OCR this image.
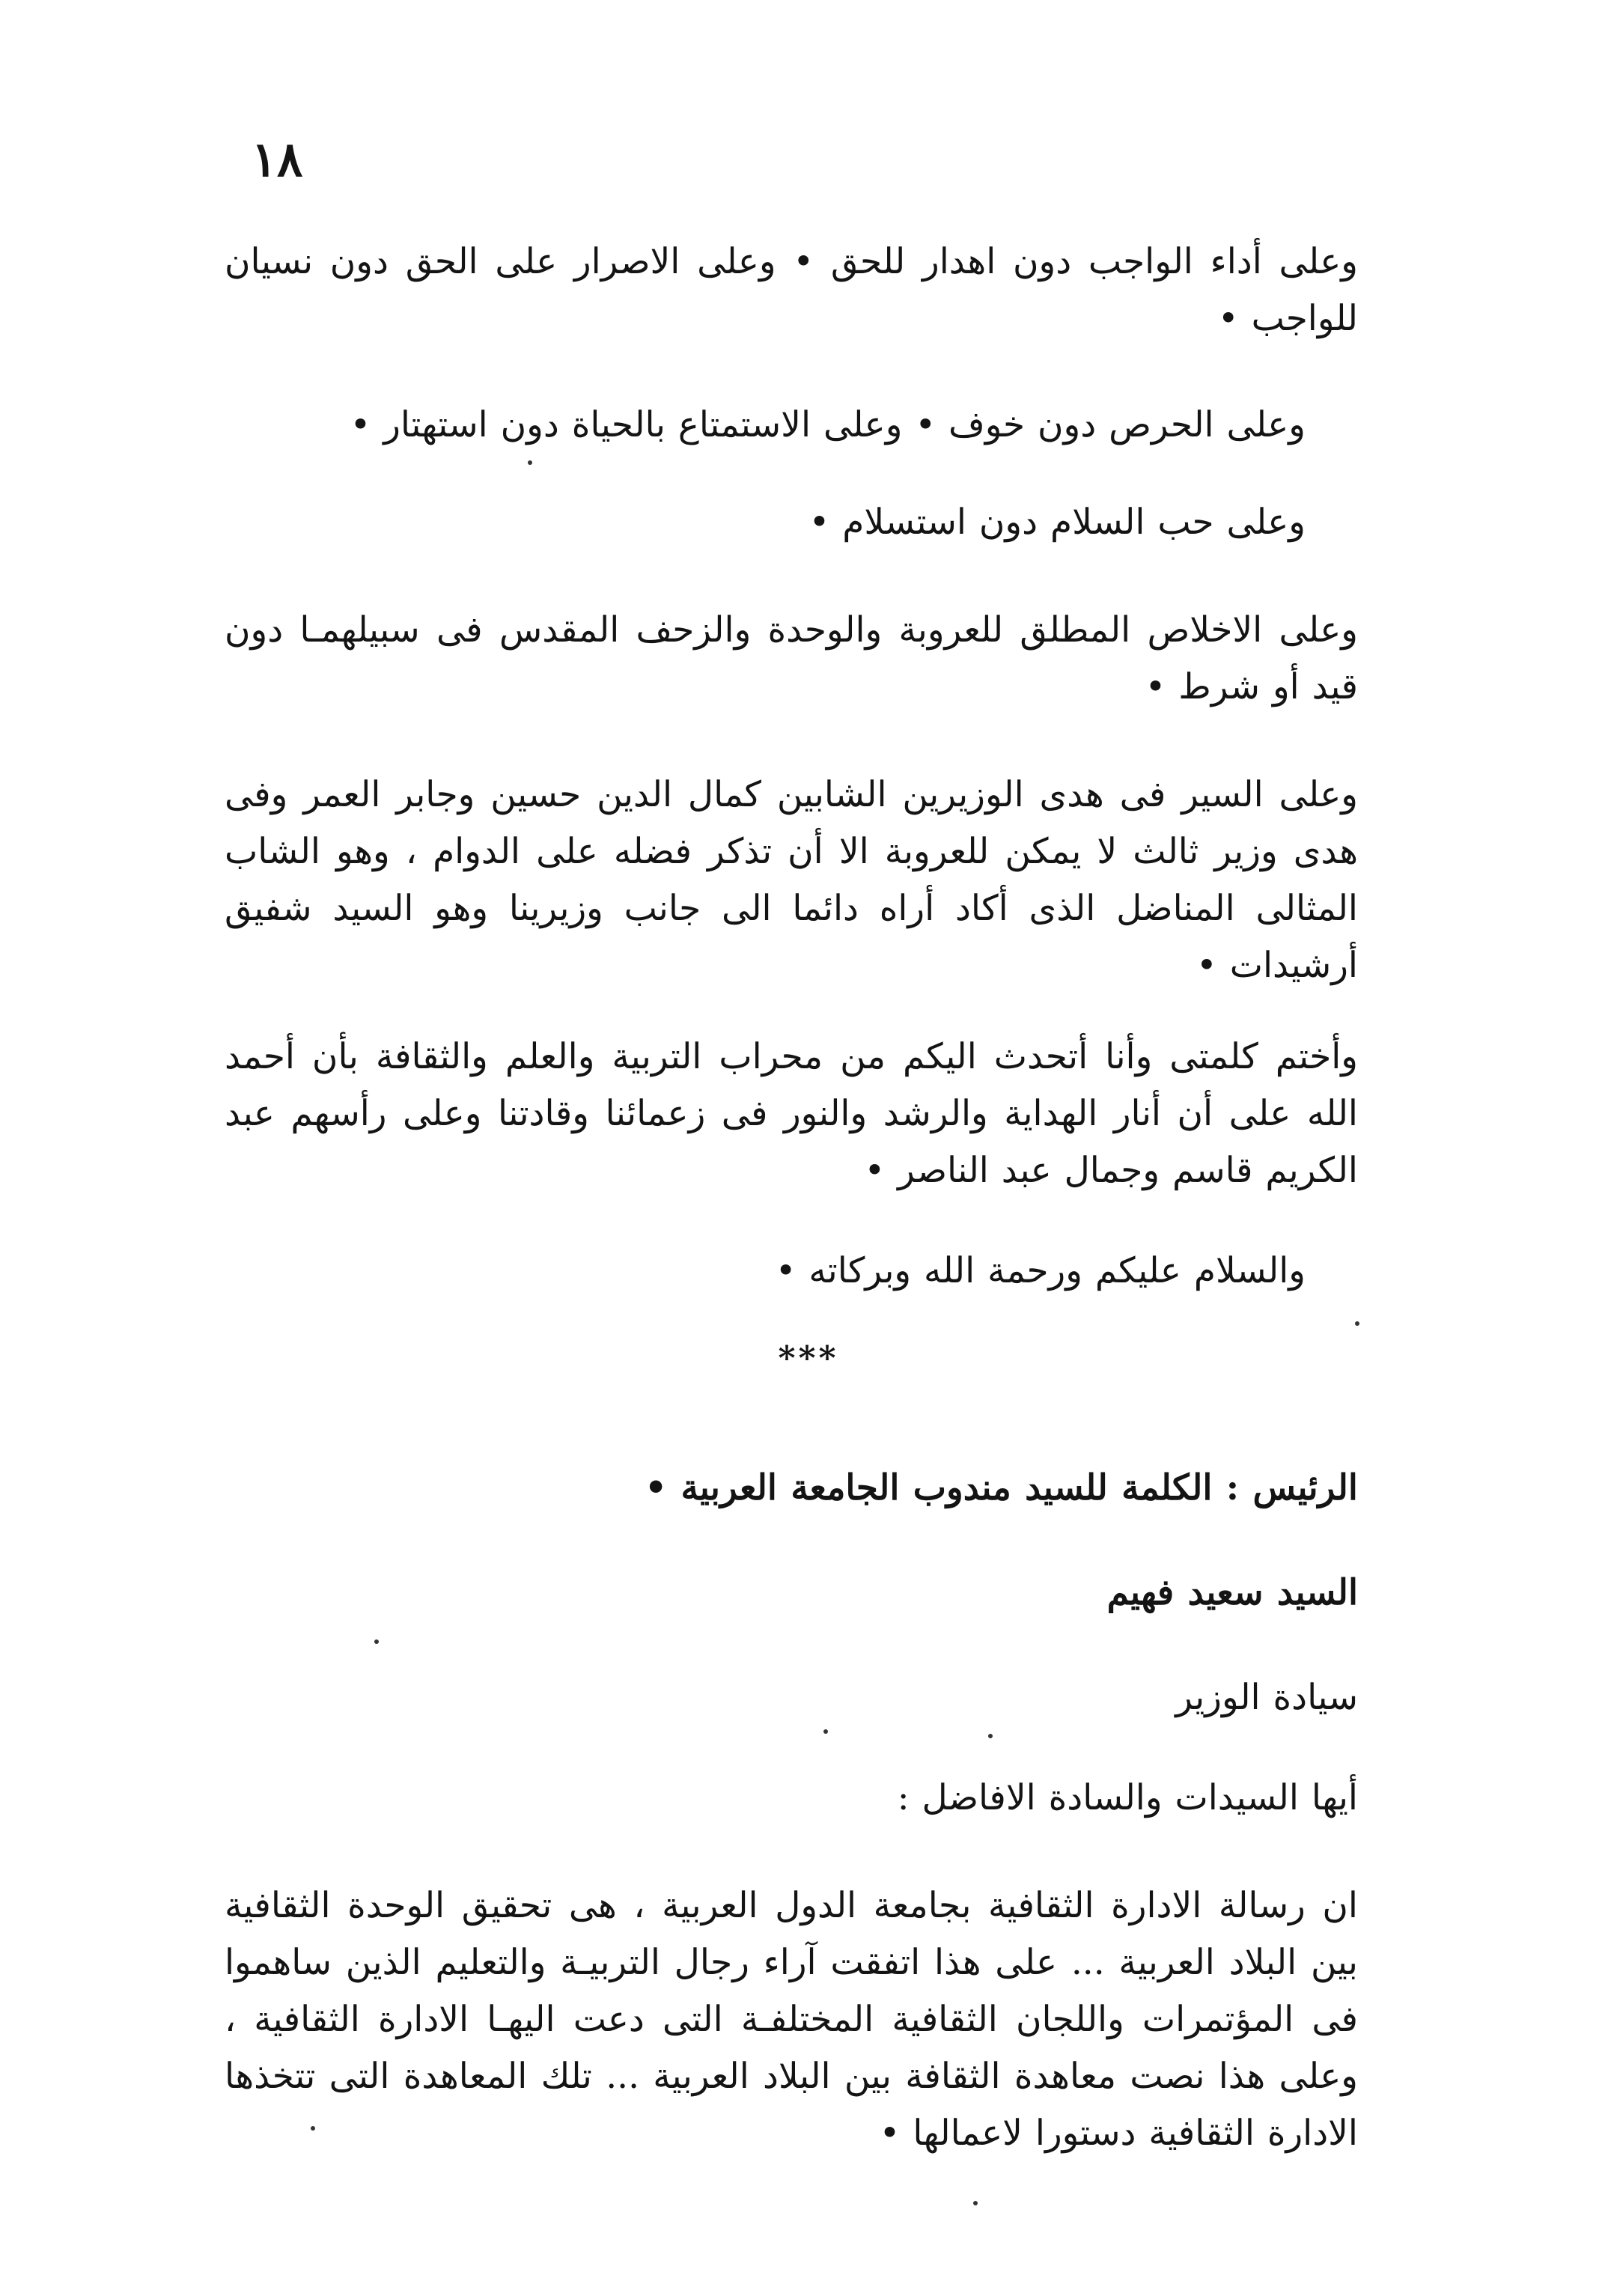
١٨

وعلى أداء الواجب دون اهدار للحق • وعلى الاصرار على الحق دون نسيان للواجب •

وعلى الحرص دون خوف • وعلى الاستمتاع بالحياة دون استهتار •

وعلى حب السلام دون استسلام •

وعلى الاخلاص المطلق للعروبة والوحدة والزحف المقدس فى سبيلهمـا دون قيد أو شرط •

وعلى السير فى هدى الوزيرين الشابين كمال الدين حسين وجابر العمر وفى هدى وزير ثالث لا يمكن للعروبة الا أن تذكر فضله على الدوام ، وهو الشاب المثالى المناضل الذى أكاد أراه دائما الى جانب وزيرينا وهو السيد شفيق أرشيدات •

وأختم كلمتى وأنا أتحدث اليكم من محراب التربية والعلم والثقافة بأن أحمد الله على أن أنار الهداية والرشد والنور فى زعمائنا وقادتنا وعلى رأسهم عبد الكريم قاسم وجمال عبد الناصر •

والسلام عليكم ورحمة الله وبركاته •

***

الرئيس : الكلمة للسيد مندوب الجامعة العربية •

السيد سعيد فهيم

سيادة الوزير

أيها السيدات والسادة الافاضل :

ان رسالة الادارة الثقافية بجامعة الدول العربية ، هى تحقيق الوحدة الثقافية بين البلاد العربية ... على هذا اتفقت آراء رجال التربيـة والتعليم الذين ساهموا فى المؤتمرات واللجان الثقافية المختلفـة التى دعت اليهـا الادارة الثقافية ، وعلى هذا نصت معاهدة الثقافة بين البلاد العربية ... تلك المعاهدة التى تتخذها الادارة الثقافية دستورا لاعمالها •
